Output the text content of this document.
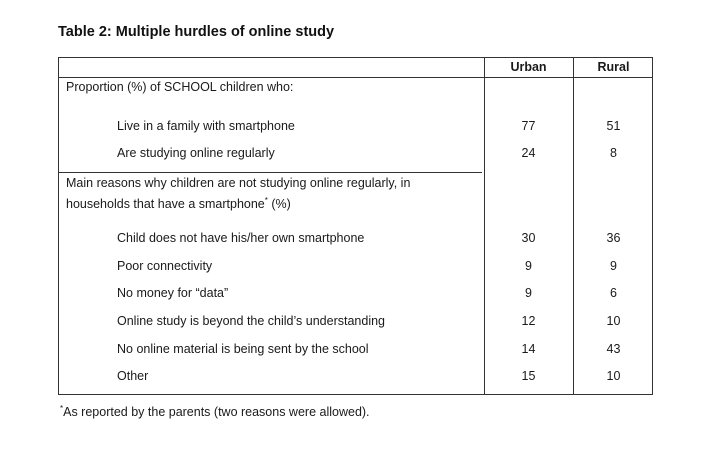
Table 2: Multiple hurdles of online study
Urban	Rural
Proportion (%) of SCHOOL children who:
Live in a family with smartphone	77	51
Are studying online regularly	24	8
Main reasons why children are not studying online regularly, in
households that have a smartphone* (%)
Child does not have his/her own smartphone	30	36
Poor connectivity	9	9
No money for “data”	9	6
Online study is beyond the child’s understanding	12	10
No online material is being sent by the school	14	43
Other	15	10
*As reported by the parents (two reasons were allowed).
